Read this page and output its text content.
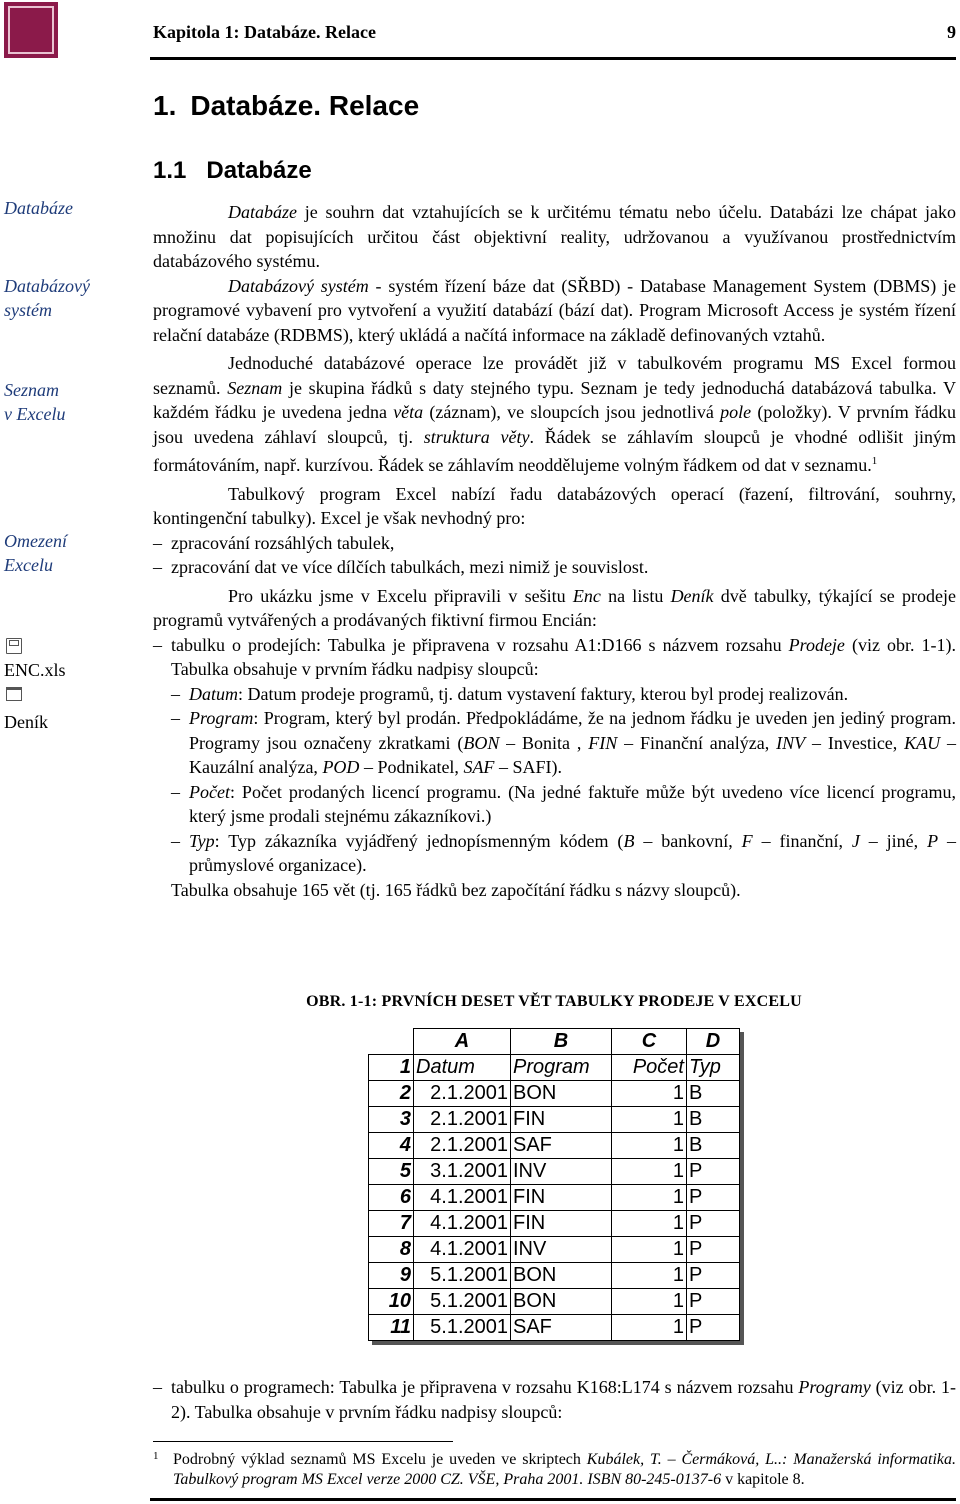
Kapitola 1: Databáze. Relace	9
1. Databáze. Relace
1.1 Databáze
Databáze
Databázový
systém
Seznam
v Excelu
Omezení
Excelu
ENC.xls
Deník

Databáze je souhrn dat vztahujících se k určitému tématu nebo účelu. Databázi lze chápat jako množinu dat popisujících určitou část objektivní reality, udržovanou a využívanou prostřednictvím databázového systému.

Databázový systém - systém řízení báze dat (SŘBD) - Database Management System (DBMS) je programové vybavení pro vytvoření a využití databází (bází dat). Program Microsoft Access je systém řízení relační databáze (RDBMS), který ukládá a načítá informace na základě definovaných vztahů.

Jednoduché databázové operace lze provádět již v tabulkovém programu MS Excel formou seznamů. Seznam je skupina řádků s daty stejného typu. Seznam je tedy jednoduchá databázová tabulka. V každém řádku je uvedena jedna věta (záznam), ve sloupcích jsou jednotlivá pole (položky). V prvním řádku jsou uvedena záhlaví sloupců, tj. struktura věty. Řádek se záhlavím sloupců je vhodné odlišit jiným formátováním, např. kurzívou. Řádek se záhlavím neoddělujeme volným řádkem od dat v seznamu.$^1$

Tabulkový program Excel nabízí řadu databázových operací (řazení, filtrování, souhrny, kontingenční tabulky). Excel je však nevhodný pro:

– zpracování rozsáhlých tabulek,
– zpracování dat ve více dílčích tabulkách, mezi nimiž je souvislost.

Pro ukázku jsme v Excelu připravili v sešitu Enc na listu Deník dvě tabulky, týkající se prodeje programů vytvářených a prodávaných fiktivní firmou Encián:

– tabulku o prodejích: Tabulka je připravena v rozsahu A1:D166 s názvem rozsahu Prodeje (viz obr. 1-1). Tabulka obsahuje v prvním řádku nadpisy sloupců:
– Datum: Datum prodeje programů, tj. datum vystavení faktury, kterou byl prodej realizován.
– Program: Program, který byl prodán. Předpokládáme, že na jednom řádku je uveden jen jediný program. Programy jsou označeny zkratkami (BON – Bonita , FIN – Finanční analýza, INV – Investice, KAU – Kauzální analýza, POD – Podnikatel, SAF – SAFI).
– Počet: Počet prodaných licencí programu. (Na jedné faktuře může být uvedeno více licencí programu, který jsme prodali stejnému zákazníkovi.)
– Typ: Typ zákazníka vyjádřený jednopísmenným kódem (B – bankovní, F – finanční, J – jiné, P – průmyslové organizace).
Tabulka obsahuje 165 vět (tj. 165 řádků bez započítání řádku s názvy sloupců).
OBR. 1-1: PRVNÍCH DESET VĚT TABULKY PRODEJE V EXCELU
	A	B	C	D
1	Datum	Program	Počet	Typ
2	2.1.2001	BON	1	B
3	2.1.2001	FIN	1	B
4	2.1.2001	SAF	1	B
5	3.1.2001	INV	1	P
6	4.1.2001	FIN	1	P
7	4.1.2001	FIN	1	P
8	4.1.2001	INV	1	P
9	5.1.2001	BON	1	P
10	5.1.2001	BON	1	P
11	5.1.2001	SAF	1	P
– tabulku o programech: Tabulka je připravena v rozsahu K168:L174 s názvem rozsahu Programy (viz obr. 1-2). Tabulka obsahuje v prvním řádku nadpisy sloupců:
1 Podrobný výklad seznamů MS Excelu je uveden ve skriptech Kubálek, T. – Čermáková, L..: Manažerská informatika. Tabulkový program MS Excel verze 2000 CZ. VŠE, Praha 2001. ISBN 80-245-0137-6 v kapitole 8.
